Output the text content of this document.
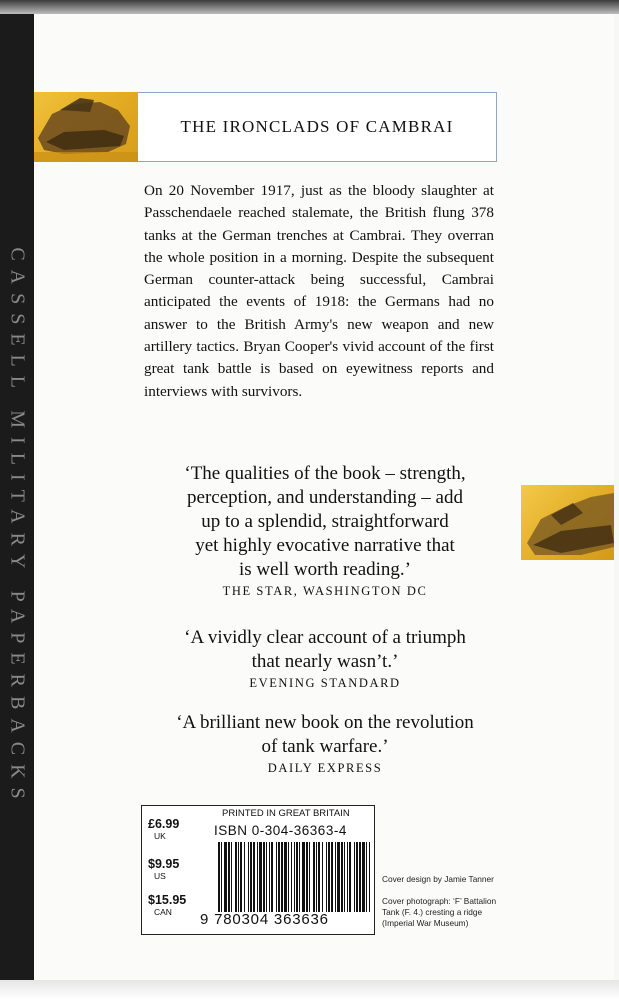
CASSELL MILITARY PAPERBACKS
THE IRONCLADS OF CAMBRAI

On 20 November 1917, just as the bloody slaughter at Passchendaele reached stalemate, the British flung 378 tanks at the German trenches at Cambrai. They overran the whole position in a morning. Despite the subsequent German counter-attack being successful, Cambrai anticipated the events of 1918: the Germans had no answer to the British Army's new weapon and new artillery tactics. Bryan Cooper's vivid account of the first great tank battle is based on eyewitness reports and interviews with survivors.

‘The qualities of the book – strength,

perception, and understanding – add

up to a splendid, straightforward

yet highly evocative narrative that

is well worth reading.’

THE STAR, WASHINGTON DC

‘A vividly clear account of a triumph

that nearly wasn’t.’

EVENING STANDARD

‘A brilliant new book on the revolution

of tank warfare.’

DAILY EXPRESS
PRINTED IN GREAT BRITAIN
ISBN 0-304-36363-4
£6.99
UK
$9.95
US
$15.95
CAN	9 780304 363636
Cover design by Jamie Tanner
Cover photograph: ‘F’ Battalion Tank (F. 4.) cresting a ridge (Imperial War Museum)
